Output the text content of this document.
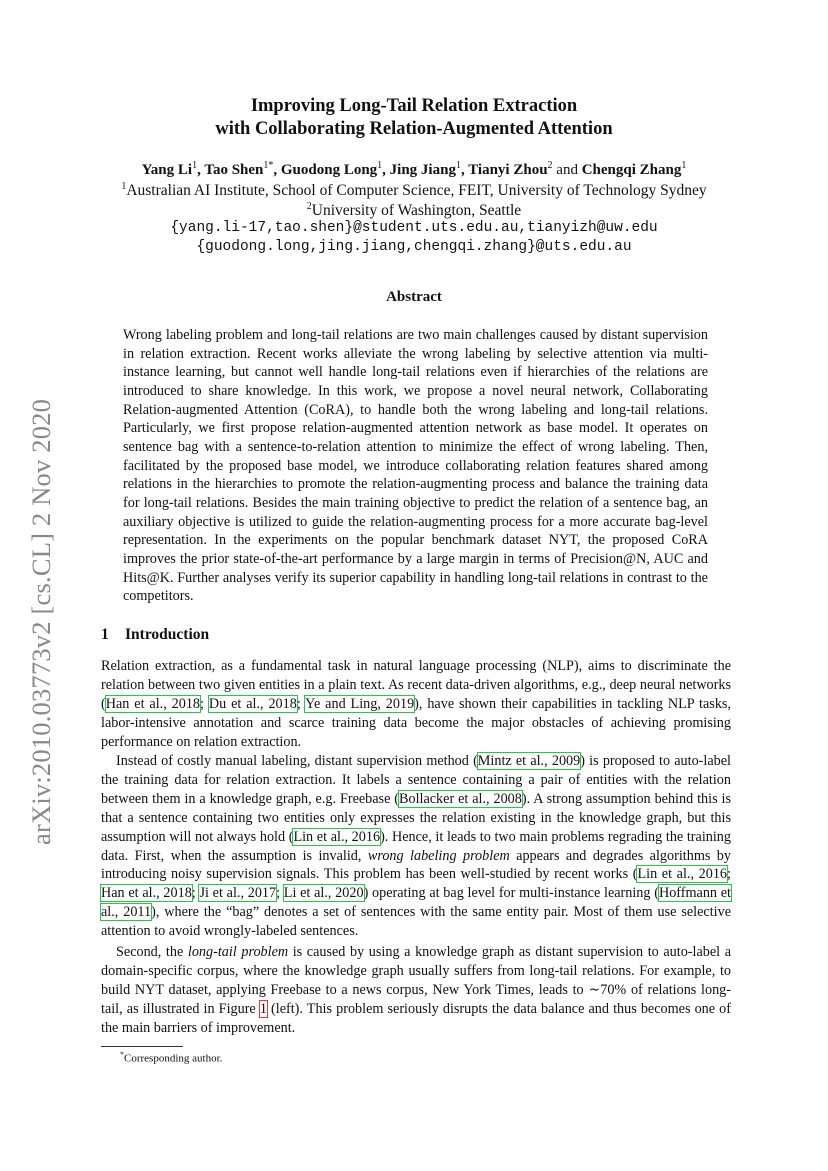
arXiv:2010.03773v2 [cs.CL] 2 Nov 2020
Improving Long-Tail Relation Extraction
with Collaborating Relation-Augmented Attention
Yang Li$^1$, Tao Shen$^{1*}$, Guodong Long$^1$, Jing Jiang$^1$, Tianyi Zhou$^2$ and Chengqi Zhang$^1$
$^1$Australian AI Institute, School of Computer Science, FEIT, University of Technology Sydney
$^2$University of Washington, Seattle
{yang.li-17,tao.shen}@student.uts.edu.au,tianyizh@uw.edu
{guodong.long,jing.jiang,chengqi.zhang}@uts.edu.au
Abstract

Wrong labeling problem and long-tail relations are two main challenges caused by distant supervision in relation extraction. Recent works alleviate the wrong labeling by selective attention via multi-instance learning, but cannot well handle long-tail relations even if hierarchies of the relations are introduced to share knowledge. In this work, we propose a novel neural network, Collaborating Relation-augmented Attention (CoRA), to handle both the wrong labeling and long-tail relations. Particularly, we first propose relation-augmented attention network as base model. It operates on sentence bag with a sentence-to-relation attention to minimize the effect of wrong labeling. Then, facilitated by the proposed base model, we introduce collaborating relation features shared among relations in the hierarchies to promote the relation-augmenting process and balance the training data for long-tail relations. Besides the main training objective to predict the relation of a sentence bag, an auxiliary objective is utilized to guide the relation-augmenting process for a more accurate bag-level representation. In the experiments on the popular benchmark dataset NYT, the proposed CoRA improves the prior state-of-the-art performance by a large margin in terms of Precision@N, AUC and Hits@K. Further analyses verify its superior capability in handling long-tail relations in contrast to the competitors.

1 Introduction

Relation extraction, as a fundamental task in natural language processing (NLP), aims to discriminate the relation between two given entities in a plain text. As recent data-driven algorithms, e.g., deep neural networks (Han et al., 2018; Du et al., 2018; Ye and Ling, 2019), have shown their capabilities in tackling NLP tasks, labor-intensive annotation and scarce training data become the major obstacles of achieving promising performance on relation extraction.

Instead of costly manual labeling, distant supervision method (Mintz et al., 2009) is proposed to auto-label the training data for relation extraction. It labels a sentence containing a pair of entities with the relation between them in a knowledge graph, e.g. Freebase (Bollacker et al., 2008). A strong assumption behind this is that a sentence containing two entities only expresses the relation existing in the knowledge graph, but this assumption will not always hold (Lin et al., 2016). Hence, it leads to two main problems regrading the training data. First, when the assumption is invalid, wrong labeling problem appears and degrades algorithms by introducing noisy supervision signals. This problem has been well-studied by recent works (Lin et al., 2016; Han et al., 2018; Ji et al., 2017; Li et al., 2020) operating at bag level for multi-instance learning (Hoffmann et al., 2011), where the “bag” denotes a set of sentences with the same entity pair. Most of them use selective attention to avoid wrongly-labeled sentences.

Second, the long-tail problem is caused by using a knowledge graph as distant supervision to auto-label a domain-specific corpus, where the knowledge graph usually suffers from long-tail relations. For example, to build NYT dataset, applying Freebase to a news corpus, New York Times, leads to ∼70% of relations long-tail, as illustrated in Figure 1 (left). This problem seriously disrupts the data balance and thus becomes one of the main barriers of improvement.

*Corresponding author.
